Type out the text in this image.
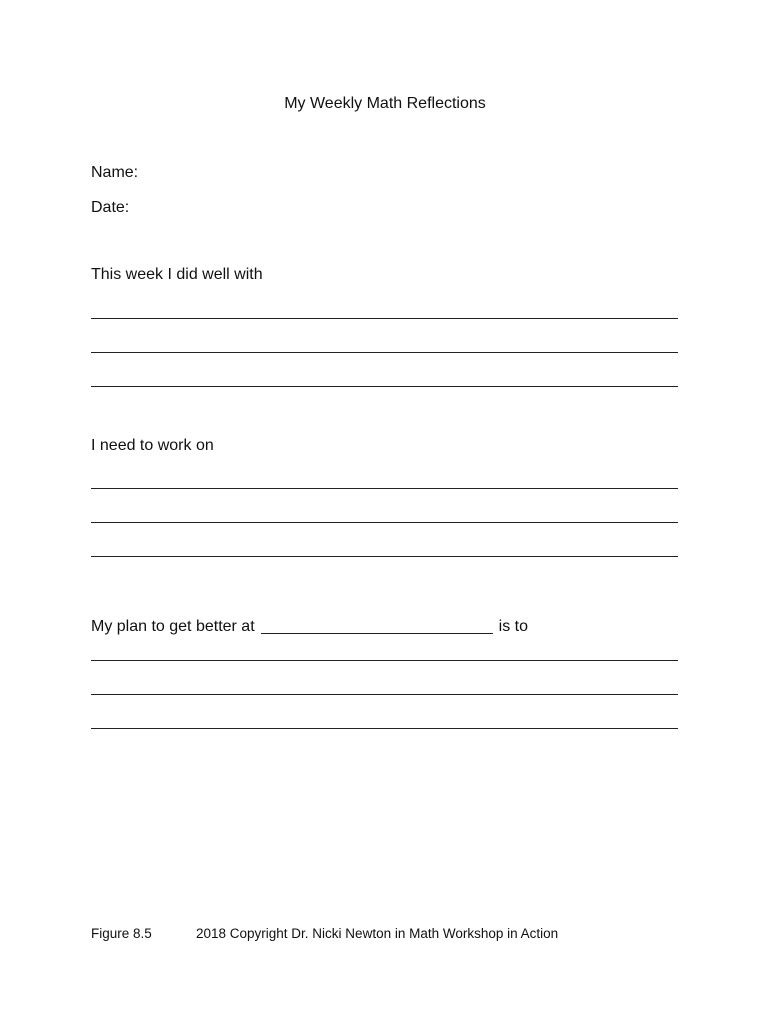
My Weekly Math Reflections
Name:
Date:
This week I did well with
I need to work on
My plan to get better at	is to
Figure 8.5	2018 Copyright Dr. Nicki Newton in Math Workshop in Action
